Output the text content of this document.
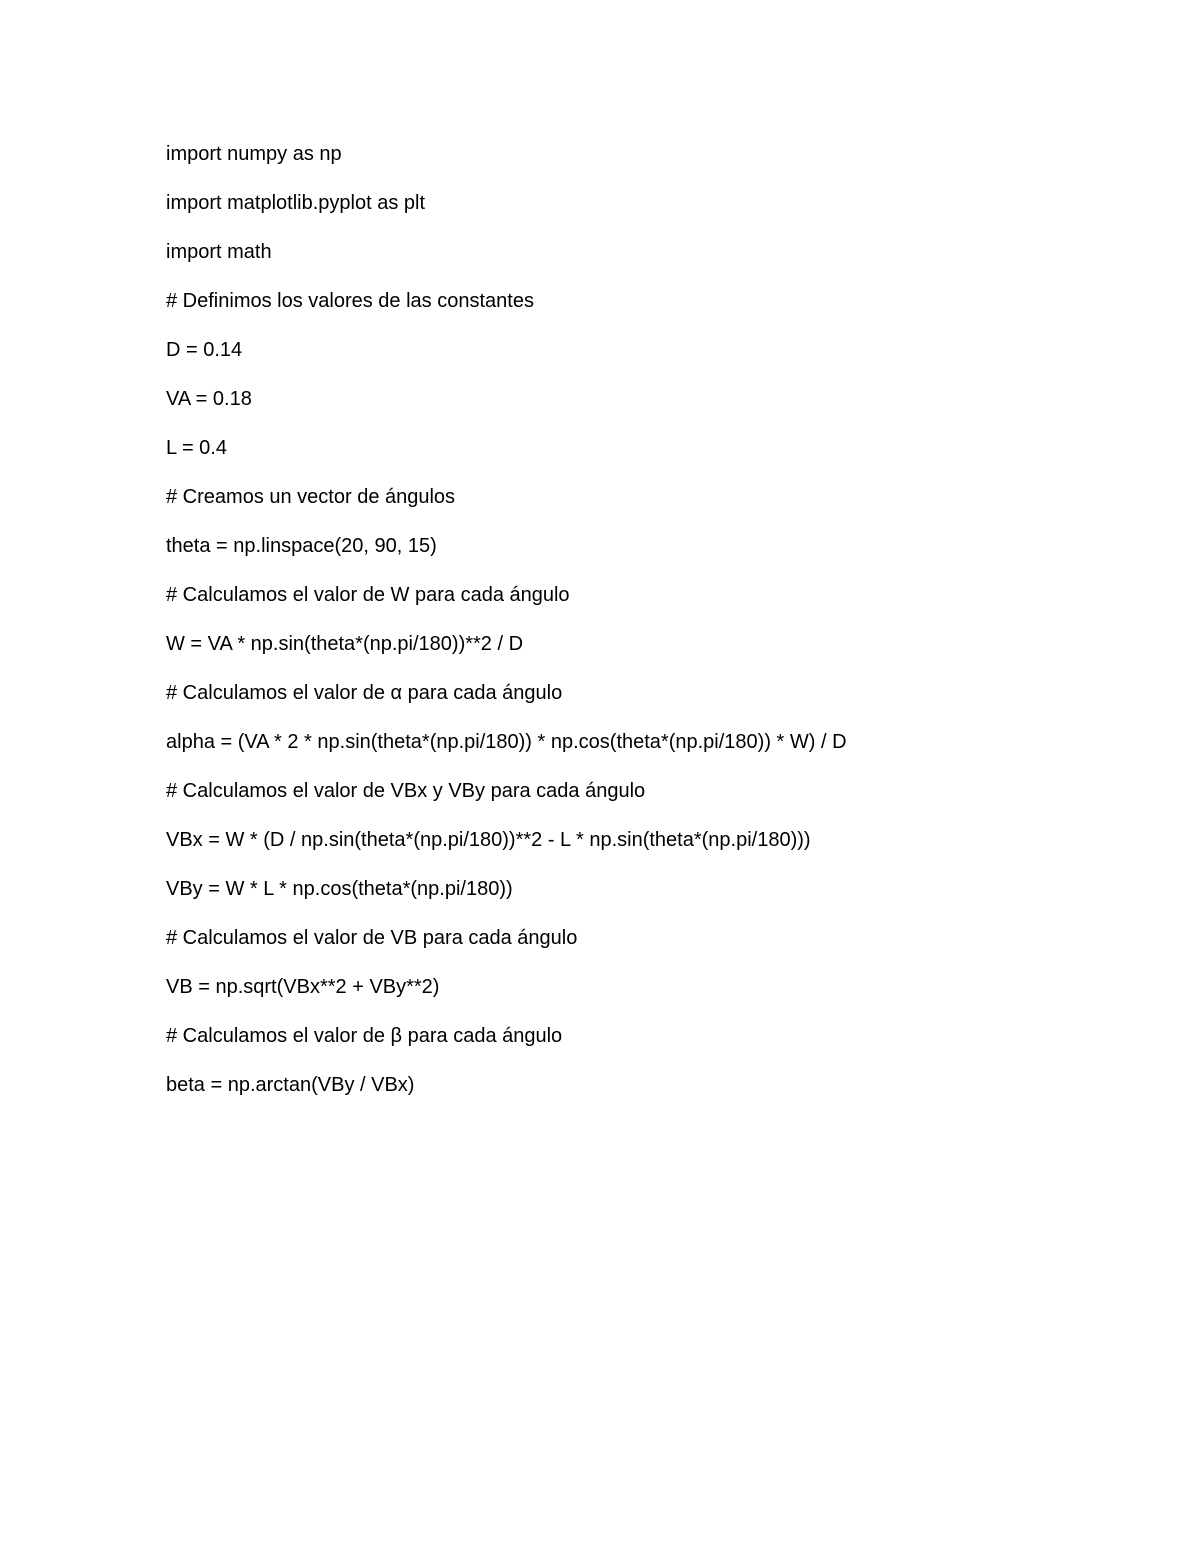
import numpy as np
import matplotlib.pyplot as plt
import math
# Definimos los valores de las constantes
D = 0.14
VA = 0.18
L = 0.4
# Creamos un vector de ángulos
theta = np.linspace(20, 90, 15)
# Calculamos el valor de W para cada ángulo
W = VA * np.sin(theta*(np.pi/180))**2 / D
# Calculamos el valor de α para cada ángulo
alpha = (VA * 2 * np.sin(theta*(np.pi/180)) * np.cos(theta*(np.pi/180)) * W) / D
# Calculamos el valor de VBx y VBy para cada ángulo
VBx = W * (D / np.sin(theta*(np.pi/180))**2 - L * np.sin(theta*(np.pi/180)))
VBy = W * L * np.cos(theta*(np.pi/180))
# Calculamos el valor de VB para cada ángulo
VB = np.sqrt(VBx**2 + VBy**2)
# Calculamos el valor de β para cada ángulo
beta = np.arctan(VBy / VBx)
